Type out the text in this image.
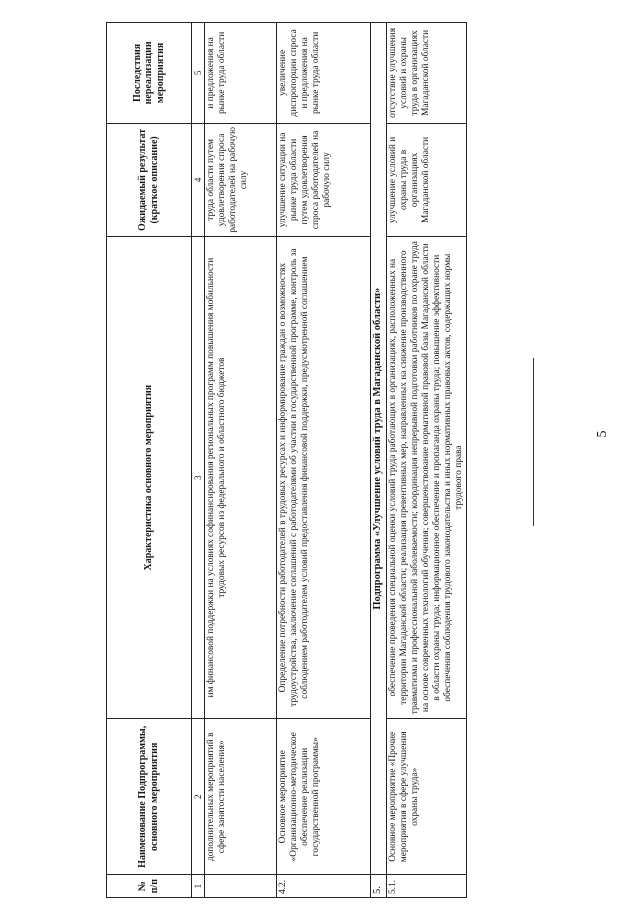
5
№ п/п	Наименование Подпрограммы, основного мероприятия	Характеристика основного мероприятия	Ожидаемый результат (краткое описание)	Последствия нереализации мероприятия
1	2	3	4	5
	дополнительных мероприятий в сфере занятости населения»	им финансовой поддержки на условиях софинансирования региональных программ повышения мобильности трудовых ресурсов из федерального и областного бюджетов	труда области путем удовлетворения спроса работодателей на рабочую силу	и предложения на рынке труда области
4.2.	Основное мероприятие «Организационно-методическое обеспечение реализации государственной программы»	Определение потребности работодателей в трудовых ресурсах и информирование граждан о возможностях трудоустройства, заключение соглашений с работодателями об участии в государственной программе, контроль за соблюдением работодателем условий предоставления финансовой поддержки, предусмотренной соглашением	улучшение ситуации на рынке труда области путем удовлетворения спроса работодателей на рабочую силу	увеличение диспропорции спроса и предложения на рынке труда области
5.	Подпрограмма «Улучшение условий труда в Магаданской области»			
5.1.	Основное мероприятие «Прочие мероприятия в сфере улучшения охраны труда»	обеспечение проведения специальной оценки условий труда работающих в организациях, расположенных на территории Магаданской области; реализация превентивных мер, направленных на снижение производственного травматизма и профессиональной заболеваемости; координация непрерывной подготовки работников по охране труда на основе современных технологий обучения; совершенствование нормативной правовой базы Магаданской области в области охраны труда; информационное обеспечение и пропаганда охраны труда; повышение эффективности обеспечения соблюдения трудового законодательства и иных нормативных правовых актов, содержащих нормы трудового права	улучшение условий и охраны труда в организациях Магаданской области	отсутствие улучшения условий и охраны труда в организациях Магаданской области
